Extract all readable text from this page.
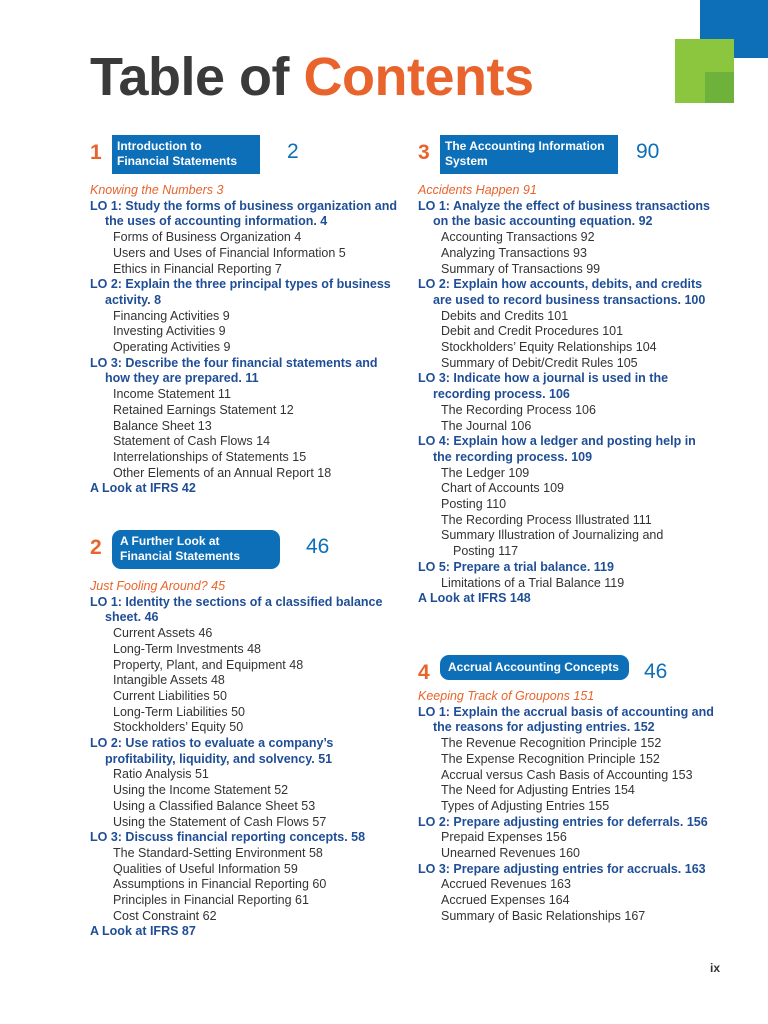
Table of Contents
1	Introduction to Financial Statements	2
Knowing the Numbers 3
LO 1: Study the forms of business organization and the uses of accounting information. 4
Forms of Business Organization 4
Users and Uses of Financial Information 5
Ethics in Financial Reporting 7
LO 2: Explain the three principal types of business activity. 8
Financing Activities 9
Investing Activities 9
Operating Activities 9
LO 3: Describe the four financial statements and how they are prepared. 11
Income Statement 11
Retained Earnings Statement 12
Balance Sheet 13
Statement of Cash Flows 14
Interrelationships of Statements 15
Other Elements of an Annual Report 18
A Look at IFRS 42
2	A Further Look at Financial Statements	46
Just Fooling Around? 45
LO 1: Identity the sections of a classified balance sheet. 46
Current Assets 46
Long-Term Investments 48
Property, Plant, and Equipment 48
Intangible Assets 48
Current Liabilities 50
Long-Term Liabilities 50
Stockholders’ Equity 50
LO 2: Use ratios to evaluate a company’s profitability, liquidity, and solvency. 51
Ratio Analysis 51
Using the Income Statement 52
Using a Classified Balance Sheet 53
Using the Statement of Cash Flows 57
LO 3: Discuss financial reporting concepts. 58
The Standard-Setting Environment 58
Qualities of Useful Information 59
Assumptions in Financial Reporting 60
Principles in Financial Reporting 61
Cost Constraint 62
A Look at IFRS 87
3	The Accounting Information System	90
Accidents Happen 91
LO 1: Analyze the effect of business transactions on the basic accounting equation. 92
Accounting Transactions 92
Analyzing Transactions 93
Summary of Transactions 99
LO 2: Explain how accounts, debits, and credits are used to record business transactions. 100
Debits and Credits 101
Debit and Credit Procedures 101
Stockholders’ Equity Relationships 104
Summary of Debit/Credit Rules 105
LO 3: Indicate how a journal is used in the recording process. 106
The Recording Process 106
The Journal 106
LO 4: Explain how a ledger and posting help in the recording process. 109
The Ledger 109
Chart of Accounts 109
Posting 110
The Recording Process Illustrated 111
Summary Illustration of Journalizing and
Posting 117
LO 5: Prepare a trial balance. 119
Limitations of a Trial Balance 119
A Look at IFRS 148
4	Accrual Accounting Concepts	46
Keeping Track of Groupons 151
LO 1: Explain the accrual basis of accounting and the reasons for adjusting entries. 152
The Revenue Recognition Principle 152
The Expense Recognition Principle 152
Accrual versus Cash Basis of Accounting 153
The Need for Adjusting Entries 154
Types of Adjusting Entries 155
LO 2: Prepare adjusting entries for deferrals. 156
Prepaid Expenses 156
Unearned Revenues 160
LO 3: Prepare adjusting entries for accruals. 163
Accrued Revenues 163
Accrued Expenses 164
Summary of Basic Relationships 167
ix
